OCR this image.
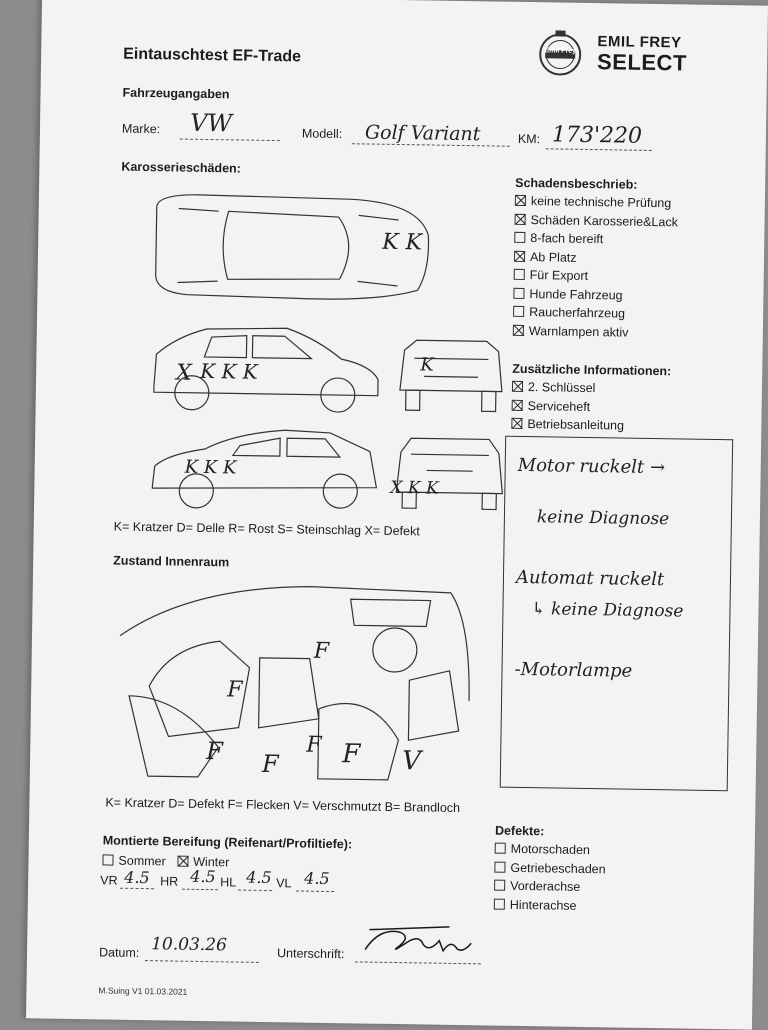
Eintauschtest EF-Trade	Emil Frey	EMIL FREY
SELECT
Fahrzeugangaben
Marke: VW	Modell: Golf Variant	KM: 173'220
Karosserieschäden:
K K
K K K
X	K
K K K
X K K
K= Kratzer D= Delle R= Rost S= Steinschlag X= Defekt
Schadensbeschrieb:
keine technische Prüfung
Schäden Karosserie&Lack
8-fach bereift
Ab Platz
Für Export
Hunde Fahrzeug
Raucherfahrzeug
Warnlampen aktiv
Zusätzliche Informationen:
2. Schlüssel
Serviceheft
Betriebsanleitung
Motor ruckelt →
keine Diagnose
Automat ruckelt
↳ keine Diagnose
-Motorlampe
Zustand Innenraum
F
F
F F
F F V
K= Kratzer D= Defekt F= Flecken V= Verschmutzt B= Brandloch
Montierte Bereifung (Reifenart/Profiltiefe):
Sommer Winter
VR 4.5 HR 4.5 HL 4.5 VL 4.5
Defekte:
Motorschaden
Getriebeschaden
Vorderachse
Hinterachse
Datum: 10.03.26	Unterschrift:
M.Suing V1 01.03.2021
